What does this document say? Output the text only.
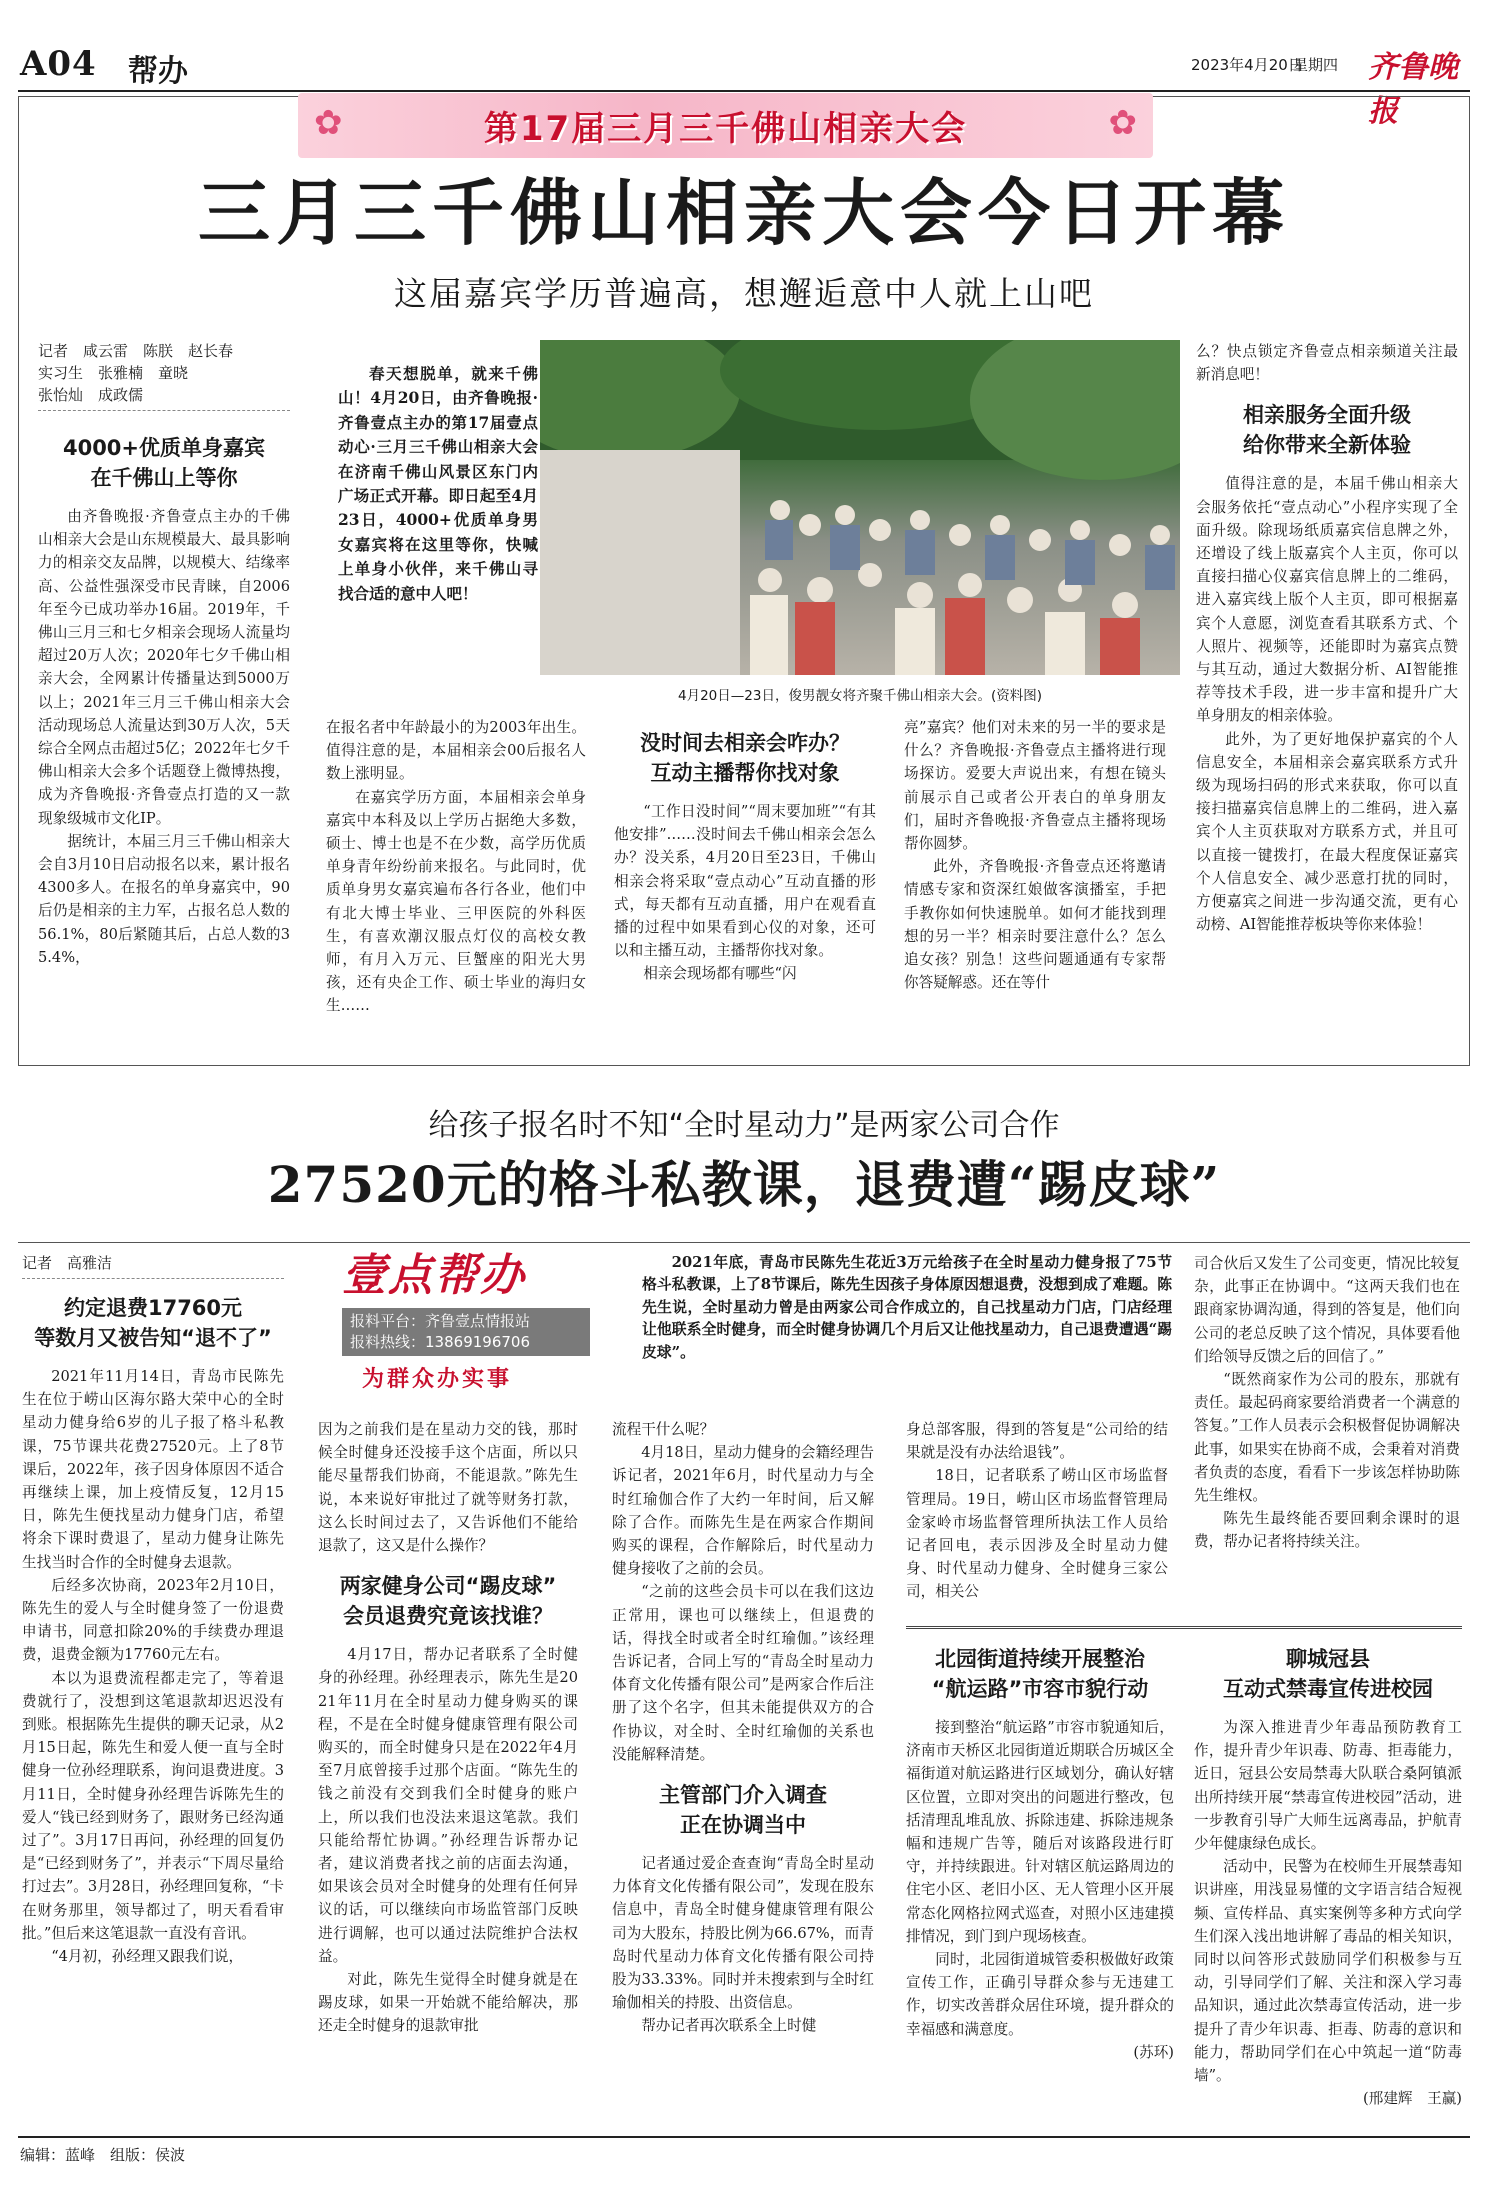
A04 帮办	2023年4月20日
星期四 齐鲁晚报
✿	第17届三月三千佛山相亲大会	✿
三月三千佛山相亲大会今日开幕
这届嘉宾学历普遍高，想邂逅意中人就上山吧
记者　咸云雷　陈朕　赵长春
实习生　张雅楠　童晓
张怡灿　成政儒
4000+优质单身嘉宾
在千佛山上等你

由齐鲁晚报·齐鲁壹点主办的千佛山相亲大会是山东规模最大、最具影响力的相亲交友品牌，以规模大、结缘率高、公益性强深受市民青睐，自2006年至今已成功举办16届。2019年，千佛山三月三和七夕相亲会现场人流量均超过20万人次；2020年七夕千佛山相亲大会，全网累计传播量达到5000万以上；2021年三月三千佛山相亲大会活动现场总人流量达到30万人次，5天综合全网点击超过5亿；2022年七夕千佛山相亲大会多个话题登上微博热搜，成为齐鲁晚报·齐鲁壹点打造的又一款现象级城市文化IP。

据统计，本届三月三千佛山相亲大会自3月10日启动报名以来，累计报名4300多人。在报名的单身嘉宾中，90后仍是相亲的主力军，占报名总人数的56.1%，80后紧随其后，占总人数的35.4%，

春天想脱单，就来千佛山！4月20日，由齐鲁晚报·齐鲁壹点主办的第17届壹点动心·三月三千佛山相亲大会在济南千佛山风景区东门内广场正式开幕。即日起至4月23日，4000+优质单身男女嘉宾将在这里等你，快喊上单身小伙伴，来千佛山寻找合适的意中人吧！

4月20日—23日，俊男靓女将齐聚千佛山相亲大会。(资料图)

在报名者中年龄最小的为2003年出生。值得注意的是，本届相亲会00后报名人数上涨明显。

在嘉宾学历方面，本届相亲会单身嘉宾中本科及以上学历占据绝大多数，硕士、博士也是不在少数，高学历优质单身青年纷纷前来报名。与此同时，优质单身男女嘉宾遍布各行各业，他们中有北大博士毕业、三甲医院的外科医生，有喜欢潮汉服点灯仪的高校女教师，有月入万元、巨蟹座的阳光大男孩，还有央企工作、硕士毕业的海归女生……

没时间去相亲会咋办？
互动主播帮你找对象

“工作日没时间”“周末要加班”“有其他安排”……没时间去千佛山相亲会怎么办？没关系，4月20日至23日，千佛山相亲会将采取“壹点动心”互动直播的形式，每天都有互动直播，用户在观看直播的过程中如果看到心仪的对象，还可以和主播互动，主播帮你找对象。

相亲会现场都有哪些“闪

亮”嘉宾？他们对未来的另一半的要求是什么？齐鲁晚报·齐鲁壹点主播将进行现场探访。爱要大声说出来，有想在镜头前展示自己或者公开表白的单身朋友们，届时齐鲁晚报·齐鲁壹点主播将现场帮你圆梦。

此外，齐鲁晚报·齐鲁壹点还将邀请情感专家和资深红娘做客演播室，手把手教你如何快速脱单。如何才能找到理想的另一半？相亲时要注意什么？怎么追女孩？别急！这些问题通通有专家帮你答疑解惑。还在等什

么？快点锁定齐鲁壹点相亲频道关注最新消息吧！

相亲服务全面升级
给你带来全新体验

值得注意的是，本届千佛山相亲大会服务依托“壹点动心”小程序实现了全面升级。除现场纸质嘉宾信息牌之外，还增设了线上版嘉宾个人主页，你可以直接扫描心仪嘉宾信息牌上的二维码，进入嘉宾线上版个人主页，即可根据嘉宾个人意愿，浏览查看其联系方式、个人照片、视频等，还能即时为嘉宾点赞与其互动，通过大数据分析、AI智能推荐等技术手段，进一步丰富和提升广大单身朋友的相亲体验。

此外，为了更好地保护嘉宾的个人信息安全，本届相亲会嘉宾联系方式升级为现场扫码的形式来获取，你可以直接扫描嘉宾信息牌上的二维码，进入嘉宾个人主页获取对方联系方式，并且可以直接一键拨打，在最大程度保证嘉宾个人信息安全、减少恶意打扰的同时，方便嘉宾之间进一步沟通交流，更有心动榜、AI智能推荐板块等你来体验！

给孩子报名时不知“全时星动力”是两家公司合作
27520元的格斗私教课，退费遭“踢皮球”
记者　高雅洁
约定退费17760元
等数月又被告知“退不了”

2021年11月14日，青岛市民陈先生在位于崂山区海尔路大荣中心的全时星动力健身给6岁的儿子报了格斗私教课，75节课共花费27520元。上了8节课后，2022年，孩子因身体原因不适合再继续上课，加上疫情反复，12月15日，陈先生便找星动力健身门店，希望将余下课时费退了，星动力健身让陈先生找当时合作的全时健身去退款。

后经多次协商，2023年2月10日，陈先生的爱人与全时健身签了一份退费申请书，同意扣除20%的手续费办理退费，退费金额为17760元左右。

本以为退费流程都走完了，等着退费就行了，没想到这笔退款却迟迟没有到账。根据陈先生提供的聊天记录，从2月15日起，陈先生和爱人便一直与全时健身一位孙经理联系，询问退费进度。3月11日，全时健身孙经理告诉陈先生的爱人“钱已经到财务了，跟财务已经沟通过了”。3月17日再问，孙经理的回复仍是“已经到财务了”，并表示“下周尽量给打过去”。3月28日，孙经理回复称，“卡在财务那里，领导都过了，明天看看审批。”但后来这笔退款一直没有音讯。

“4月初，孙经理又跟我们说，

壹点帮办
报料平台：齐鲁壹点情报站
报料热线：13869196706
为群众办实事

2021年底，青岛市民陈先生花近3万元给孩子在全时星动力健身报了75节格斗私教课，上了8节课后，陈先生因孩子身体原因想退费，没想到成了难题。陈先生说，全时星动力曾是由两家公司合作成立的，自己找星动力门店，门店经理让他联系全时健身，而全时健身协调几个月后又让他找星动力，自己退费遭遇“踢皮球”。

因为之前我们是在星动力交的钱，那时候全时健身还没接手这个店面，所以只能尽量帮我们协商，不能退款。”陈先生说，本来说好审批过了就等财务打款，这么长时间过去了，又告诉他们不能给退款了，这又是什么操作？

两家健身公司“踢皮球”
会员退费究竟该找谁？

4月17日，帮办记者联系了全时健身的孙经理。孙经理表示，陈先生是2021年11月在全时星动力健身购买的课程，不是在全时健身健康管理有限公司购买的，而全时健身只是在2022年4月至7月底曾接手过那个店面。“陈先生的钱之前没有交到我们全时健身的账户上，所以我们也没法来退这笔款。我们只能给帮忙协调。”孙经理告诉帮办记者，建议消费者找之前的店面去沟通，如果该会员对全时健身的处理有任何异议的话，可以继续向市场监管部门反映进行调解，也可以通过法院维护合法权益。

对此，陈先生觉得全时健身就是在踢皮球，如果一开始就不能给解决，那还走全时健身的退款审批

流程干什么呢？

4月18日，星动力健身的会籍经理告诉记者，2021年6月，时代星动力与全时红瑜伽合作了大约一年时间，后又解除了合作。而陈先生是在两家合作期间购买的课程，合作解除后，时代星动力健身接收了之前的会员。

“之前的这些会员卡可以在我们这边正常用，课也可以继续上，但退费的话，得找全时或者全时红瑜伽。”该经理告诉记者，合同上写的“青岛全时星动力体育文化传播有限公司”是两家合作后注册了这个名字，但其未能提供双方的合作协议，对全时、全时红瑜伽的关系也没能解释清楚。

主管部门介入调查
正在协调当中

记者通过爱企查查询“青岛全时星动力体育文化传播有限公司”，发现在股东信息中，青岛全时健身健康管理有限公司为大股东，持股比例为66.67%，而青岛时代星动力体育文化传播有限公司持股为33.33%。同时并未搜索到与全时红瑜伽相关的持股、出资信息。

帮办记者再次联系全上时健

身总部客服，得到的答复是“公司给的结果就是没有办法给退钱”。

18日，记者联系了崂山区市场监督管理局。19日，崂山区市场监督管理局金家岭市场监督管理所执法工作人员给记者回电，表示因涉及全时星动力健身、时代星动力健身、全时健身三家公司，相关公

司合伙后又发生了公司变更，情况比较复杂，此事正在协调中。“这两天我们也在跟商家协调沟通，得到的答复是，他们向公司的老总反映了这个情况，具体要看他们给领导反馈之后的回信了。”

“既然商家作为公司的股东，那就有责任。最起码商家要给消费者一个满意的答复。”工作人员表示会积极督促协调解决此事，如果实在协商不成，会秉着对消费者负责的态度，看看下一步该怎样协助陈先生维权。

陈先生最终能否要回剩余课时的退费，帮办记者将持续关注。

北园街道持续开展整治
“航运路”市容市貌行动

接到整治“航运路”市容市貌通知后，济南市天桥区北园街道近期联合历城区全福街道对航运路进行区域划分，确认好辖区位置，立即对突出的问题进行整改，包括清理乱堆乱放、拆除违建、拆除违规条幅和违规广告等，随后对该路段进行盯守，并持续跟进。针对辖区航运路周边的住宅小区、老旧小区、无人管理小区开展常态化网格拉网式巡查，对照小区违建摸排情况，到门到户现场核查。

同时，北园街道城管委积极做好政策宣传工作，正确引导群众参与无违建工作，切实改善群众居住环境，提升群众的幸福感和满意度。

(苏环)
聊城冠县
互动式禁毒宣传进校园

为深入推进青少年毒品预防教育工作，提升青少年识毒、防毒、拒毒能力，近日，冠县公安局禁毒大队联合桑阿镇派出所持续开展“禁毒宣传进校园”活动，进一步教育引导广大师生远离毒品，护航青少年健康绿色成长。

活动中，民警为在校师生开展禁毒知识讲座，用浅显易懂的文字语言结合短视频、宣传样品、真实案例等多种方式向学生们深入浅出地讲解了毒品的相关知识，同时以问答形式鼓励同学们积极参与互动，引导同学们了解、关注和深入学习毒品知识，通过此次禁毒宣传活动，进一步提升了青少年识毒、拒毒、防毒的意识和能力，帮助同学们在心中筑起一道“防毒墙”。

(邢建辉　王赢)
编辑：蓝峰　组版：侯波
